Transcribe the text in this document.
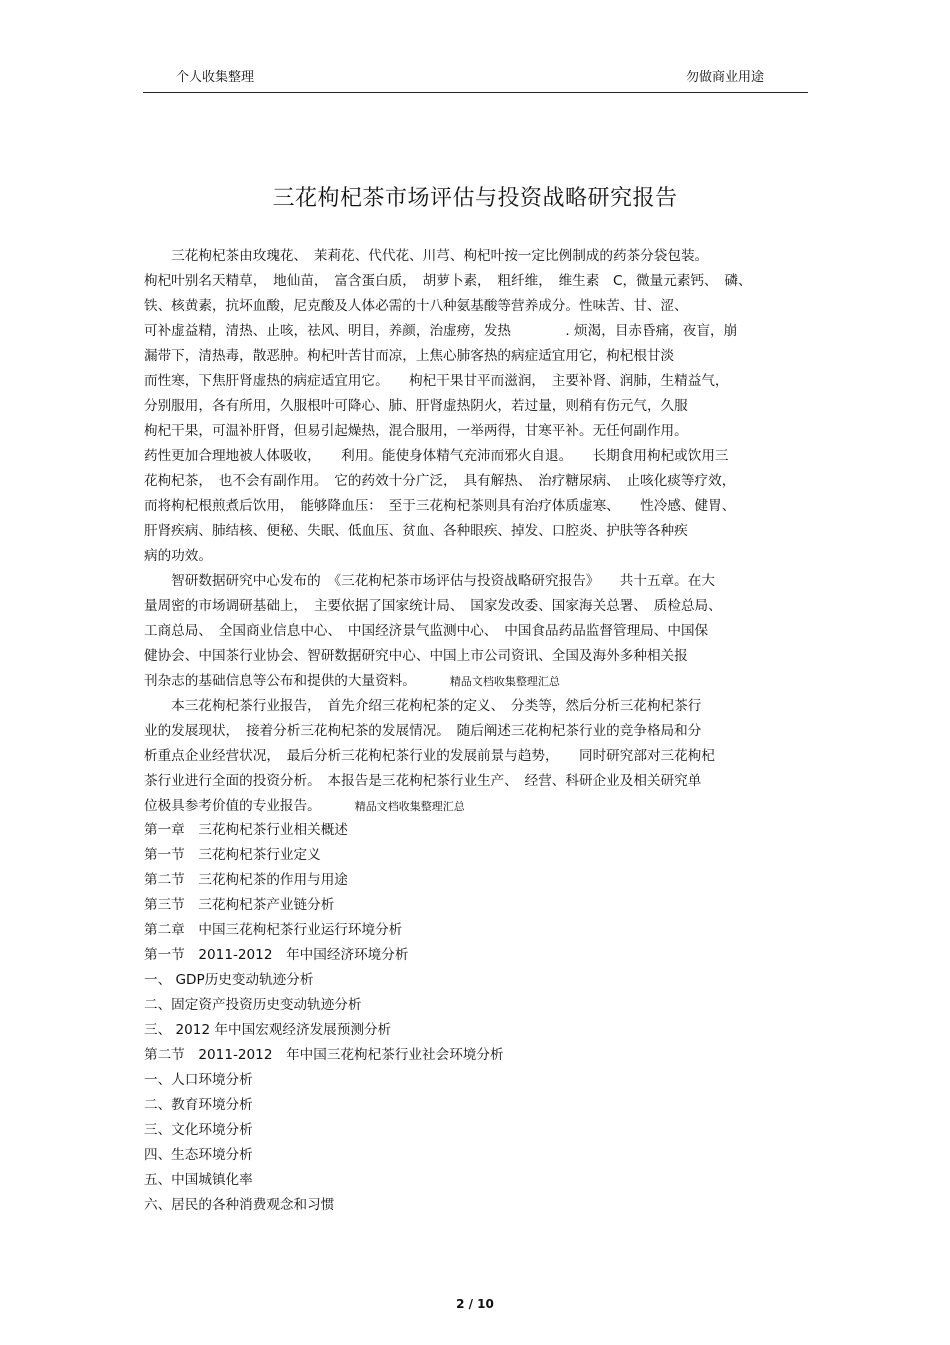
个人收集整理	勿做商业用途
三花枸杞茶市场评估与投资战略研究报告
　　三花枸杞茶由玫瑰花、　茉莉花、代代花、川芎、枸杞叶按一定比例制成的药茶分袋包装。
枸杞叶别名天精草，　地仙苗，　富含蛋白质，　胡萝卜素，　粗纤维，　维生素　C，微量元素钙、　磷、
铁、核黄素，抗坏血酸，尼克酸及人体必需的十八种氨基酸等营养成分。性味苦、甘、涩、
可补虚益精，清热、止咳，祛风、明目，养颜，治虚痨，发热　　　　. 烦渴，目赤昏痛，夜盲，崩
漏带下，清热毒，散恶肿。枸杞叶苦甘而凉，上焦心肺客热的病症适宜用它，枸杞根甘淡
而性寒，下焦肝肾虚热的病症适宜用它。　　枸杞干果甘平而滋润，　主要补肾、润肺，生精益气，
分别服用，各有所用，久服根叶可降心、肺、肝肾虚热阴火，若过量，则稍有伤元气，久服
枸杞干果，可温补肝肾，但易引起燥热，混合服用，一举两得，甘寒平补。无任何副作用。
药性更加合理地被人体吸收，　　利用。能使身体精气充沛而邪火自退。　　长期食用枸杞或饮用三
花枸杞茶，　也不会有副作用。　它的药效十分广泛，　具有解热、　治疗糖尿病、　止咳化痰等疗效，
而将枸杞根煎煮后饮用，　能够降血压：　至于三花枸杞茶则具有治疗体质虚寒、　　性冷感、健胃、
肝肾疾病、肺结核、便秘、失眠、低血压、贫血、各种眼疾、掉发、口腔炎、护肤等各种疾
病的功效。
　　智研数据研究中心发布的　《三花枸杞茶市场评估与投资战略研究报告》　　共十五章。在大
量周密的市场调研基础上，　主要依据了国家统计局、　国家发改委、国家海关总署、　质检总局、
工商总局、　全国商业信息中心、　中国经济景气监测中心、　中国食品药品监督管理局、中国保
健协会、中国茶行业协会、智研数据研究中心、中国上市公司资讯、全国及海外多种相关报
刊杂志的基础信息等公布和提供的大量资料。　　　	精品文档收集整理汇总
　　本三花枸杞茶行业报告，　首先介绍三花枸杞茶的定义、　分类等，然后分析三花枸杞茶行
业的发展现状，　接着分析三花枸杞茶的发展情况。　随后阐述三花枸杞茶行业的竞争格局和分
析重点企业经营状况，　最后分析三花枸杞茶行业的发展前景与趋势，　　同时研究部对三花枸杞
茶行业进行全面的投资分析。　本报告是三花枸杞茶行业生产、　经营、科研企业及相关研究单
位极具参考价值的专业报告。　　　	精品文档收集整理汇总
第一章　三花枸杞茶行业相关概述
第一节　三花枸杞茶行业定义
第二节　三花枸杞茶的作用与用途
第三节　三花枸杞茶产业链分析
第二章　中国三花枸杞茶行业运行环境分析
第一节　2011-2012　年中国经济环境分析
一、 GDP历史变动轨迹分析
二、固定资产投资历史变动轨迹分析
三、 2012 年中国宏观经济发展预测分析
第二节　2011-2012　年中国三花枸杞茶行业社会环境分析
一、人口环境分析
二、教育环境分析
三、文化环境分析
四、生态环境分析
五、中国城镇化率
六、居民的各种消费观念和习惯
2 / 10
